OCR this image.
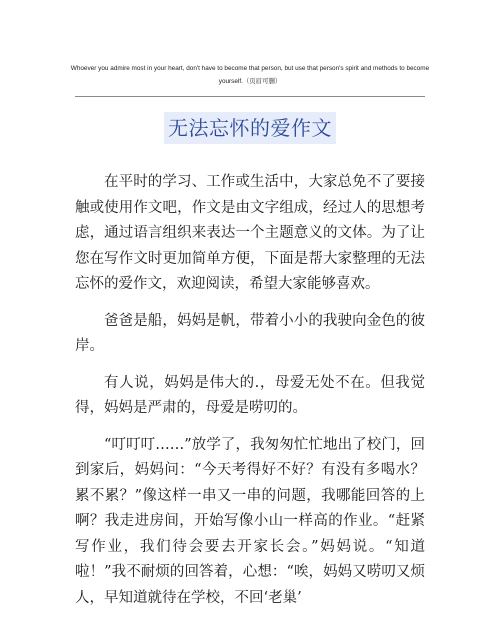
Whoever you admire most in your heart, don't have to become that person, but use that person's spirit and methods to become yourself.（页眉可删）
无法忘怀的爱作文

在平时的学习、工作或生活中，大家总免不了要接触或使用作文吧，作文是由文字组成，经过人的思想考虑，通过语言组织来表达一个主题意义的文体。为了让您在写作文时更加简单方便，下面是帮大家整理的无法忘怀的爱作文，欢迎阅读，希望大家能够喜欢。

爸爸是船，妈妈是帆，带着小小的我驶向金色的彼岸。

有人说，妈妈是伟大的.，母爱无处不在。但我觉得，妈妈是严肃的，母爱是唠叨的。

“叮叮叮……”放学了，我匆匆忙忙地出了校门，回到家后，妈妈问：“今天考得好不好？有没有多喝水？累不累？”像这样一串又一串的问题，我哪能回答的上啊？我走进房间，开始写像小山一样高的作业。“赶紧写作业，我们待会要去开家长会。”妈妈说。“知道啦！”我不耐烦的回答着，心想：“唉，妈妈又唠叨又烦人，早知道就待在学校，不回‘老巢’
